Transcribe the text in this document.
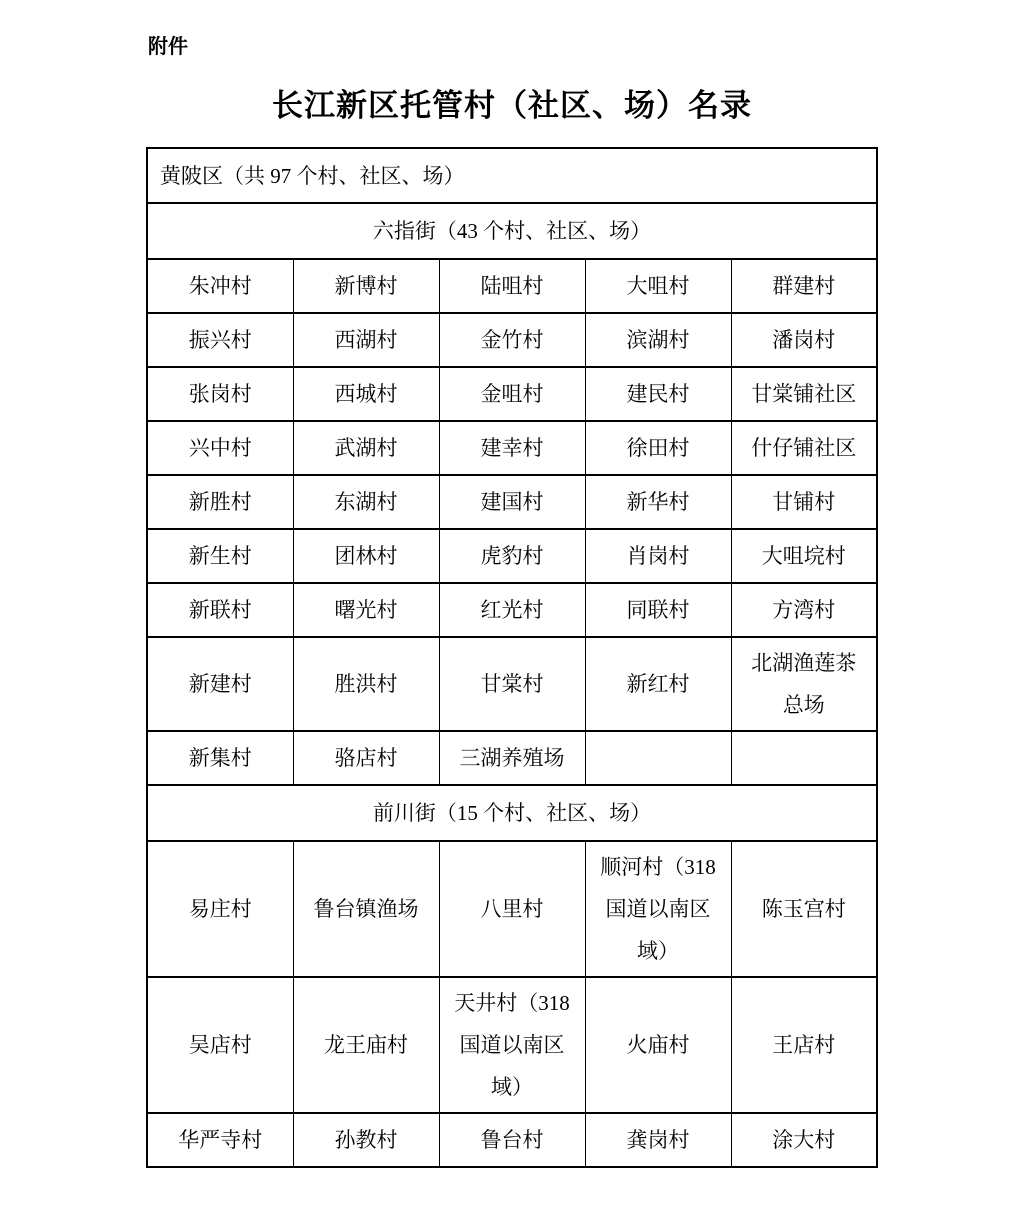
附件
长江新区托管村（社区、场）名录
黄陂区（共 97 个村、社区、场）				
六指街（43 个村、社区、场）				
朱冲村	新博村	陆咀村	大咀村	群建村
振兴村	西湖村	金竹村	滨湖村	潘岗村
张岗村	西城村	金咀村	建民村	甘棠铺社区
兴中村	武湖村	建幸村	徐田村	什仔铺社区
新胜村	东湖村	建国村	新华村	甘铺村
新生村	团林村	虎豹村	肖岗村	大咀垸村
新联村	曙光村	红光村	同联村	方湾村
新建村	胜洪村	甘棠村	新红村	北湖渔莲茶总场
新集村	骆店村	三湖养殖场		
前川街（15 个村、社区、场）				
易庄村	鲁台镇渔场	八里村	顺河村（318国道以南区域）	陈玉宫村
吴店村	龙王庙村	天井村（318国道以南区域）	火庙村	王店村
华严寺村	孙教村	鲁台村	龚岗村	涂大村
